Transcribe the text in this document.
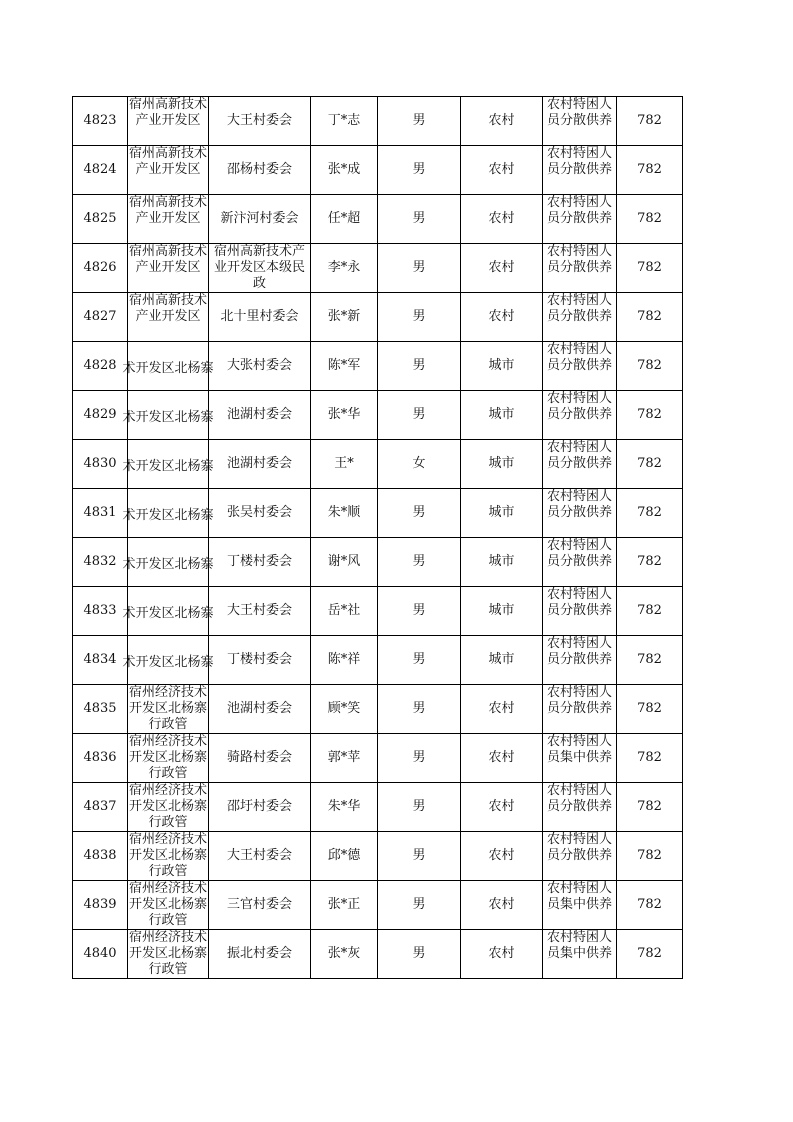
4823	宿州高新技术产业开发区	大王村委会	丁*志	男	农村	农村特困人员分散供养	782

4824	宿州高新技术产业开发区	邵杨村委会	张*成	男	农村	农村特困人员分散供养	782

4825	宿州高新技术产业开发区	新汴河村委会	任*超	男	农村	农村特困人员分散供养	782

4826	宿州高新技术产业开发区	宿州高新技术产业开发区本级民政	李*永	男	农村	农村特困人员分散供养	782

4827	宿州高新技术产业开发区	北十里村委会	张*新	男	农村	农村特困人员分散供养	782

4828	术开发区北杨寨	大张村委会	陈*军	男	城市	农村特困人员分散供养	782

4829	术开发区北杨寨	池湖村委会	张*华	男	城市	农村特困人员分散供养	782

4830	术开发区北杨寨	池湖村委会	王*	女	城市	农村特困人员分散供养	782

4831	术开发区北杨寨	张吴村委会	朱*顺	男	城市	农村特困人员分散供养	782

4832	术开发区北杨寨	丁楼村委会	谢*风	男	城市	农村特困人员分散供养	782

4833	术开发区北杨寨	大王村委会	岳*社	男	城市	农村特困人员分散供养	782

4834	术开发区北杨寨	丁楼村委会	陈*祥	男	城市	农村特困人员分散供养	782

4835	宿州经济技术开发区北杨寨行政管	池湖村委会	顾*笑	男	农村	农村特困人员分散供养	782

4836	宿州经济技术开发区北杨寨行政管	骑路村委会	郭*苹	男	农村	农村特困人员集中供养	782

4837	宿州经济技术开发区北杨寨行政管	邵圩村委会	朱*华	男	农村	农村特困人员分散供养	782

4838	宿州经济技术开发区北杨寨行政管	大王村委会	邱*德	男	农村	农村特困人员分散供养	782

4839	宿州经济技术开发区北杨寨行政管	三官村委会	张*正	男	农村	农村特困人员集中供养	782

4840	宿州经济技术开发区北杨寨行政管	振北村委会	张*灰	男	农村	农村特困人员集中供养	782
